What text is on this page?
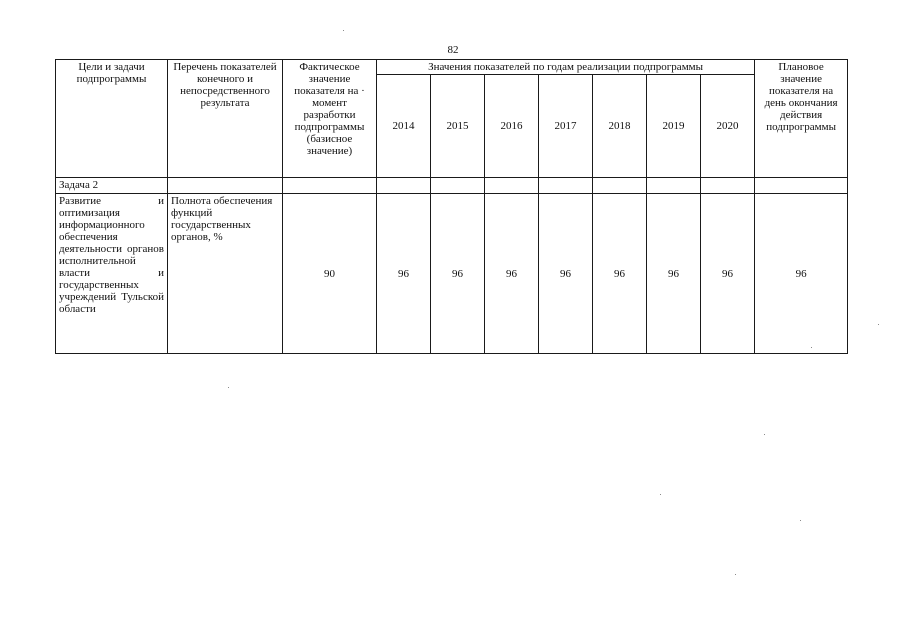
82
Цели и задачи подпрограммы	Перечень показателей конечного и непосредственного результата	Фактическое значение показателя на · момент разработки подпрограммы (базисное значение)	Значения показателей по годам реализации подпрограммы							Плановое значение показателя на день окончания действия подпрограммы
			2014	2015	2016	2017	2018	2019	2020	
Задача 2										
Развитие и оптимизация информационного обеспечения деятельности органов исполнительной власти и государственных учреждений Тульской области	Полнота обеспечения функций государственных органов, %	90	96	96	96	96	96	96	96	96
